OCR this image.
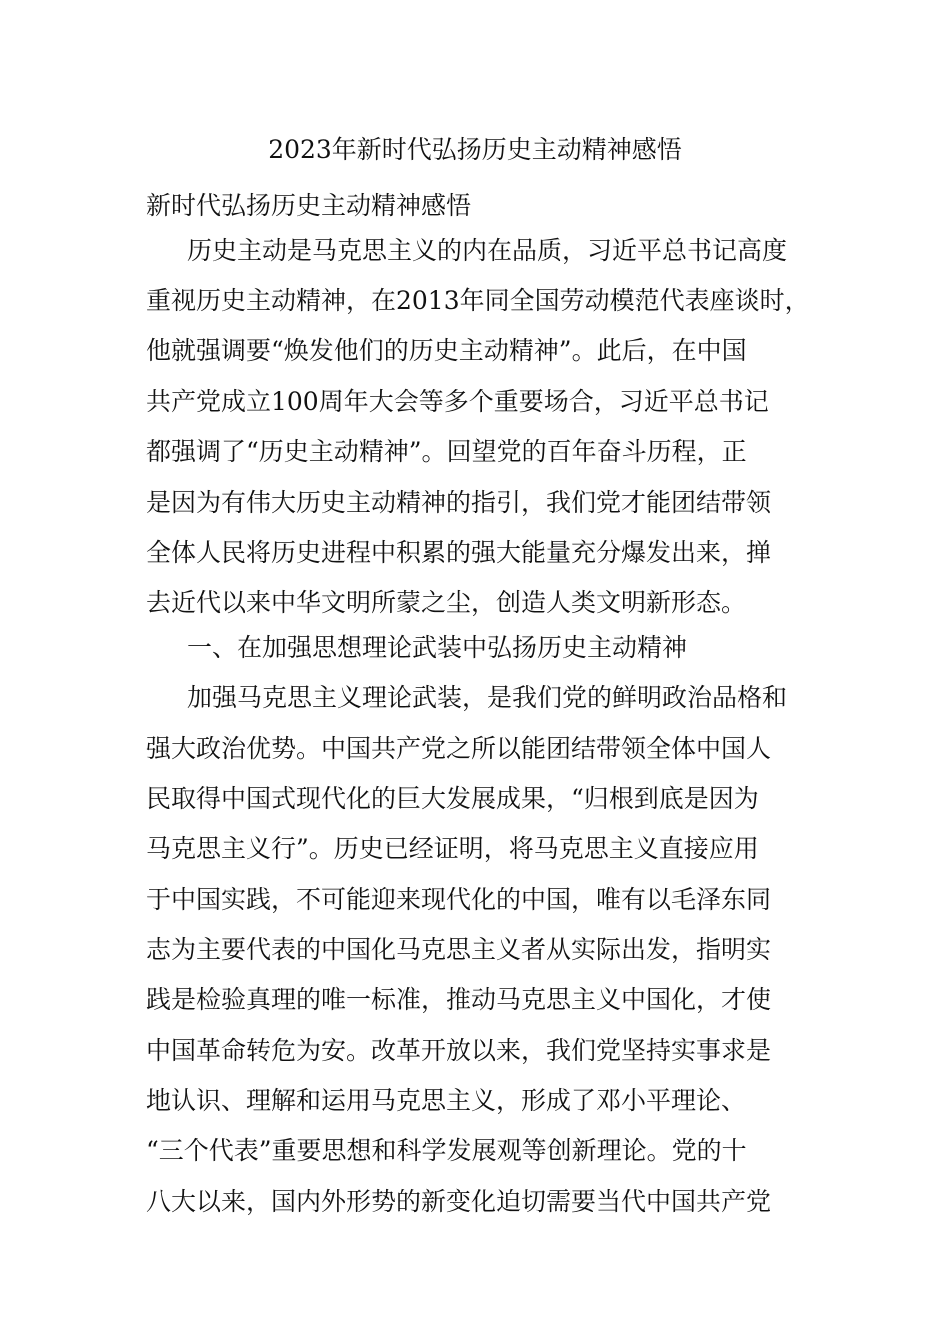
2023年新时代弘扬历史主动精神感悟
新时代弘扬历史主动精神感悟
历史主动是马克思主义的内在品质，习近平总书记高度
重视历史主动精神，在2013年同全国劳动模范代表座谈时，
他就强调要“焕发他们的历史主动精神”。此后，在中国
共产党成立100周年大会等多个重要场合，习近平总书记
都强调了“历史主动精神”。回望党的百年奋斗历程，正
是因为有伟大历史主动精神的指引，我们党才能团结带领
全体人民将历史进程中积累的强大能量充分爆发出来，掸
去近代以来中华文明所蒙之尘，创造人类文明新形态。
一、在加强思想理论武装中弘扬历史主动精神
加强马克思主义理论武装，是我们党的鲜明政治品格和
强大政治优势。中国共产党之所以能团结带领全体中国人
民取得中国式现代化的巨大发展成果，“归根到底是因为
马克思主义行”。历史已经证明，将马克思主义直接应用
于中国实践，不可能迎来现代化的中国，唯有以毛泽东同
志为主要代表的中国化马克思主义者从实际出发，指明实
践是检验真理的唯一标准，推动马克思主义中国化，才使
中国革命转危为安。改革开放以来，我们党坚持实事求是
地认识、理解和运用马克思主义，形成了邓小平理论、
“三个代表”重要思想和科学发展观等创新理论。党的十
八大以来，国内外形势的新变化迫切需要当代中国共产党
